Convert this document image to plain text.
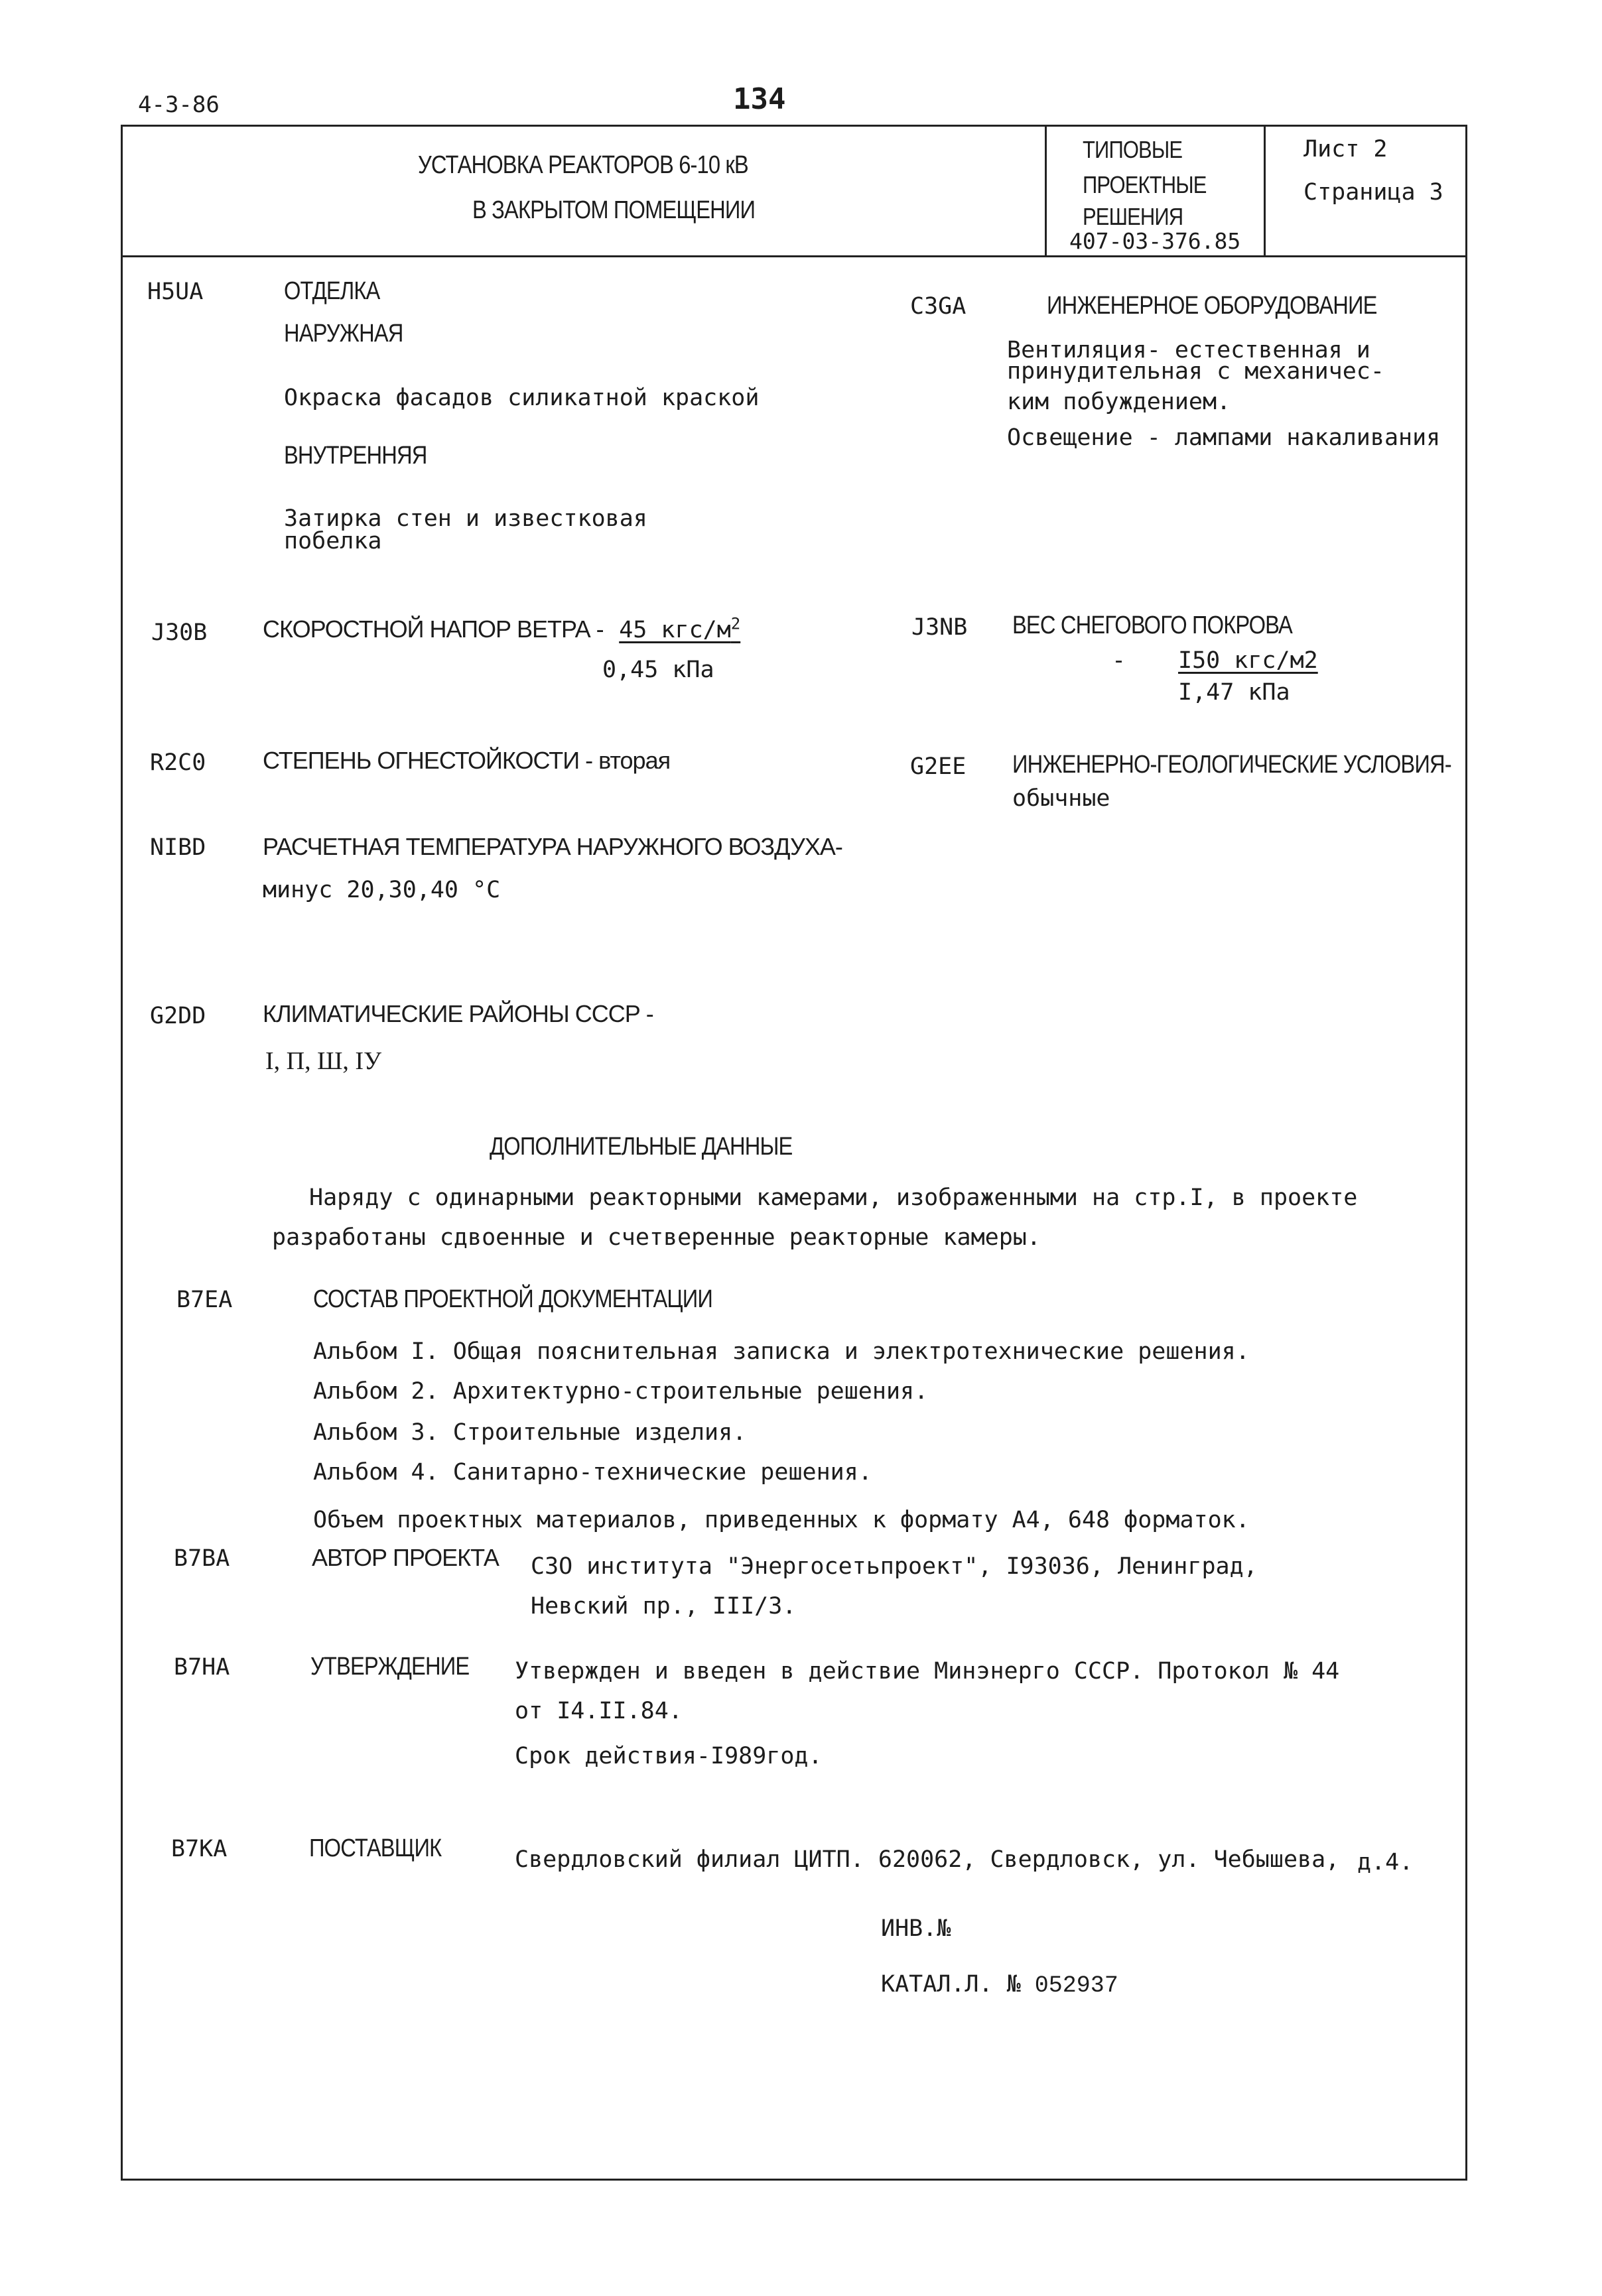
4-3-86	134
УСТАНОВКА РЕАКТОРОВ 6-10 кВ
В ЗАКРЫТОМ ПОМЕЩЕНИИ
ТИПОВЫЕ
ПРОЕКТНЫЕ
РЕШЕНИЯ
407-03-376.85
Лист 2
Страница 3
H5UA	ОТДЕЛКА
НАРУЖНАЯ
Окраска фасадов силикатной краской
ВНУТРЕННЯЯ
Затирка стен и известковая
побелка
C3GA	ИНЖЕНЕРНОЕ ОБОРУДОВАНИЕ
Вентиляция- естественная и
принудительная с механичес-
ким побуждением.
Освещение - лампами накаливания
J30B СКОРОСТНОЙ НАПОР ВЕТРА - 45 кгс/$м^2$
0,45 кПа
J3NB ВЕС СНЕГОВОГО ПОКРОВА
- I50 кгс/м2
I,47 кПа
R2C0 СТЕПЕНЬ ОГНЕСТОЙКОСТИ - вторая	G2EE ИНЖЕНЕРНО-ГЕОЛОГИЧЕСКИЕ УСЛОВИЯ-
обычные
NIBD РАСЧЕТНАЯ ТЕМПЕРАТУРА НАРУЖНОГО ВОЗДУХА-
минус 20,30,40 °С
G2DD КЛИМАТИЧЕСКИЕ РАЙОНЫ СССР -
I, П, Ш, IУ
ДОПОЛНИТЕЛЬНЫЕ ДАННЫЕ
Наряду с одинарными реакторными камерами, изображенными на стр.I, в проекте
разработаны сдвоенные и счетверенные реакторные камеры.
B7EA	СОСТАВ ПРОЕКТНОЙ ДОКУМЕНТАЦИИ
Альбом I. Общая пояснительная записка и электротехнические решения.
Альбом 2. Архитектурно-строительные решения.
Альбом 3. Строительные изделия.
Альбом 4. Санитарно-технические решения.
Объем проектных материалов, приведенных к формату А4, 648 форматок.
B7BA	АВТОР ПРОЕКТА СЗО института "Энергосетьпроект", I93036, Ленинград,
Невский пр., III/3.
B7HA	УТВЕРЖДЕНИЕ Утвержден и введен в действие Минэнерго СССР. Протокол № 44
от I4.II.84.
Срок действия-I989год.
B7KA	ПОСТАВЩИК	Свердловский филиал ЦИТП. 620062, Свердловск, ул. Чебышева, д.4.
ИНВ.№
КАТАЛ.Л. № 052937
